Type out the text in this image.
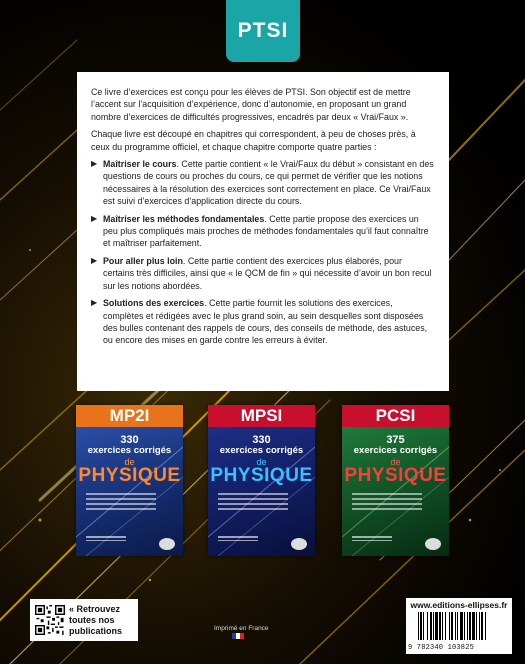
PTSI

Ce livre d’exercices est conçu pour les élèves de PTSI. Son objectif est de mettre l’accent sur l’acquisition d’expérience, donc d’autonomie, en proposant un grand nombre d’exercices de difficultés progressives, encadrés par deux « Vrai/Faux ».

Chaque livre est découpé en chapitres qui correspondent, à peu de choses près, à ceux du programme officiel, et chaque chapitre comporte quatre parties :

▶ Maîtriser le cours. Cette partie contient « le Vrai/Faux du début » consistant en des questions de cours ou proches du cours, ce qui permet de vérifier que les notions nécessaires à la résolution des exercices sont correctement en place. Ce Vrai/Faux est suivi d’exercices d’application directe du cours.
▶ Maîtriser les méthodes fondamentales. Cette partie propose des exercices un peu plus compliqués mais proches de méthodes fondamentales qu’il faut connaître et maîtriser parfaitement.
▶ Pour aller plus loin. Cette partie contient des exercices plus élaborés, pour certains très difficiles, ainsi que « le QCM de fin » qui nécessite d’avoir un bon recul sur les notions abordées.
▶ Solutions des exercices. Cette partie fournit les solutions des exercices, complètes et rédigées avec le plus grand soin, au sein desquelles sont disposées des bulles contenant des rappels de cours, des conseils de méthode, des astuces, ou encore des mises en garde contre les erreurs à éviter.
MP2I
330
exercices corrigés
de
PHYSIQUE
MPSI
330
exercices corrigés
de
PHYSIQUE
PCSI
375
exercices corrigés
de
PHYSIQUE
« Retrouvez
toutes nos
publications	Imprimé en France
www.editions-ellipses.fr
9 782340 103825
